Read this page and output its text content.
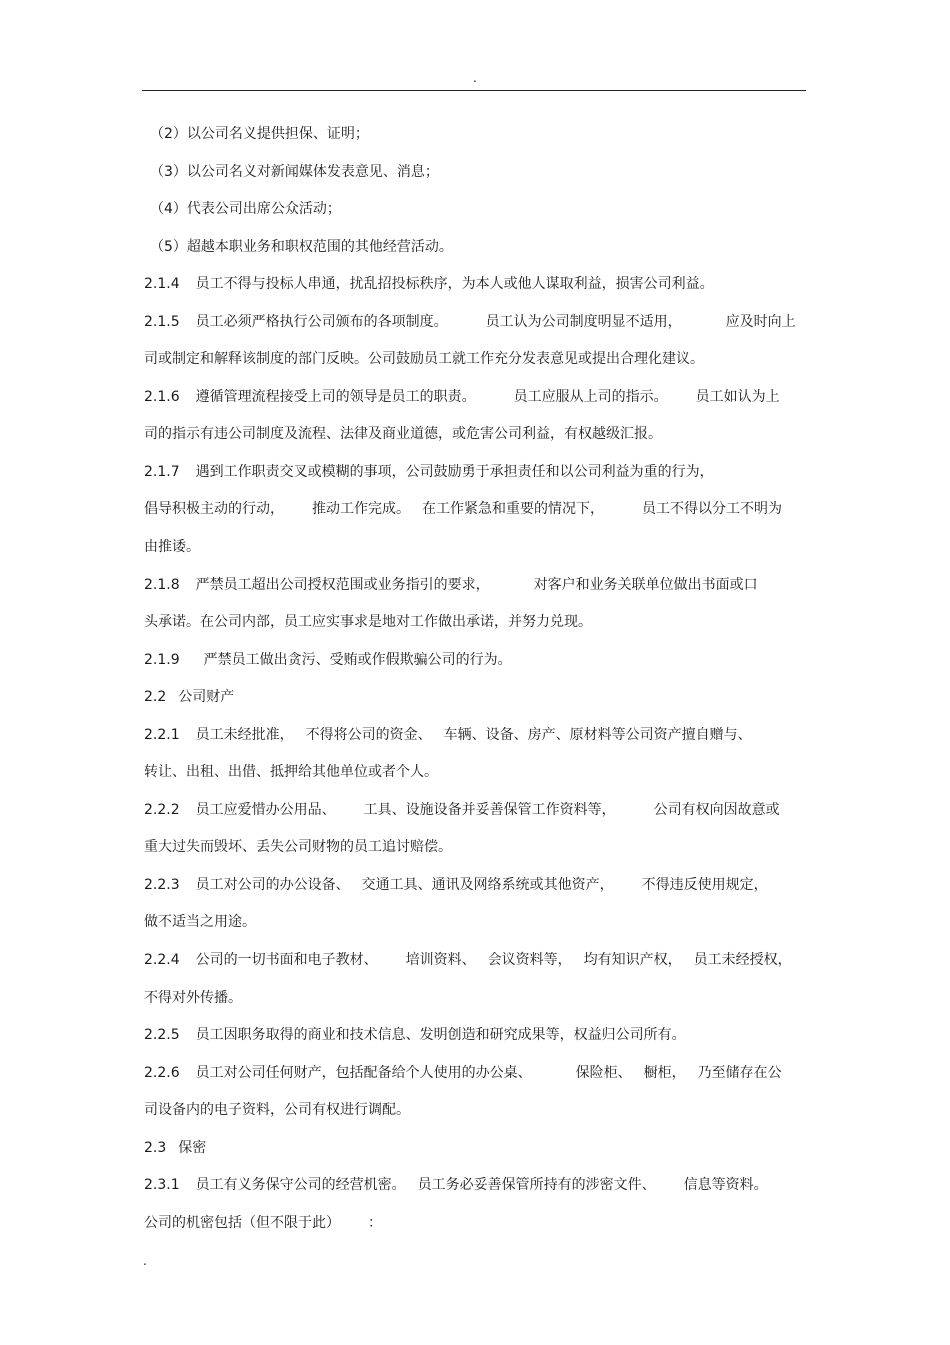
.
（2）以公司名义提供担保、证明；
（3）以公司名义对新闻媒体发表意见、消息；
（4）代表公司出席公众活动；
（5）超越本职业务和职权范围的其他经营活动。
2.1.4 员工不得与投标人串通，扰乱招投标秩序，为本人或他人谋取利益，损害公司利益。
2.1.5 员工必须严格执行公司颁布的各项制度。	员工认为公司制度明显不适用，	应及时向上
司或制定和解释该制度的部门反映。公司鼓励员工就工作充分发表意见或提出合理化建议。
2.1.6 遵循管理流程接受上司的领导是员工的职责。	员工应服从上司的指示。 员工如认为上
司的指示有违公司制度及流程、法律及商业道德，或危害公司利益，有权越级汇报。
2.1.7 遇到工作职责交叉或模糊的事项，公司鼓励勇于承担责任和以公司利益为重的行为，
倡导积极主动的行动， 推动工作完成。 在工作紧急和重要的情况下，	员工不得以分工不明为
由推诿。
2.1.8 严禁员工超出公司授权范围或业务指引的要求，	对客户和业务关联单位做出书面或口
头承诺。在公司内部，员工应实事求是地对工作做出承诺，并努力兑现。
2.1.9 严禁员工做出贪污、受贿或作假欺骗公司的行为。
2.2 公司财产
2.2.1 员工未经批准， 不得将公司的资金、 车辆、设备、房产、原材料等公司资产擅自赠与、
转让、出租、出借、抵押给其他单位或者个人。
2.2.2 员工应爱惜办公用品、 工具、设施设备并妥善保管工作资料等，	公司有权向因故意或
重大过失而毁坏、丢失公司财物的员工追讨赔偿。
2.2.3 员工对公司的办公设备、 交通工具、通讯及网络系统或其他资产， 不得违反使用规定，
做不适当之用途。
2.2.4 公司的一切书面和电子教材、 培训资料、 会议资料等， 均有知识产权， 员工未经授权，
不得对外传播。
2.2.5 员工因职务取得的商业和技术信息、发明创造和研究成果等，权益归公司所有。
2.2.6 员工对公司任何财产，包括配备给个人使用的办公桌、	保险柜、 橱柜， 乃至储存在公
司设备内的电子资料，公司有权进行调配。
2.3 保密
2.3.1 员工有义务保守公司的经营机密。 员工务必妥善保管所持有的涉密文件、 信息等资料。
公司的机密包括（但不限于此） ：
.
